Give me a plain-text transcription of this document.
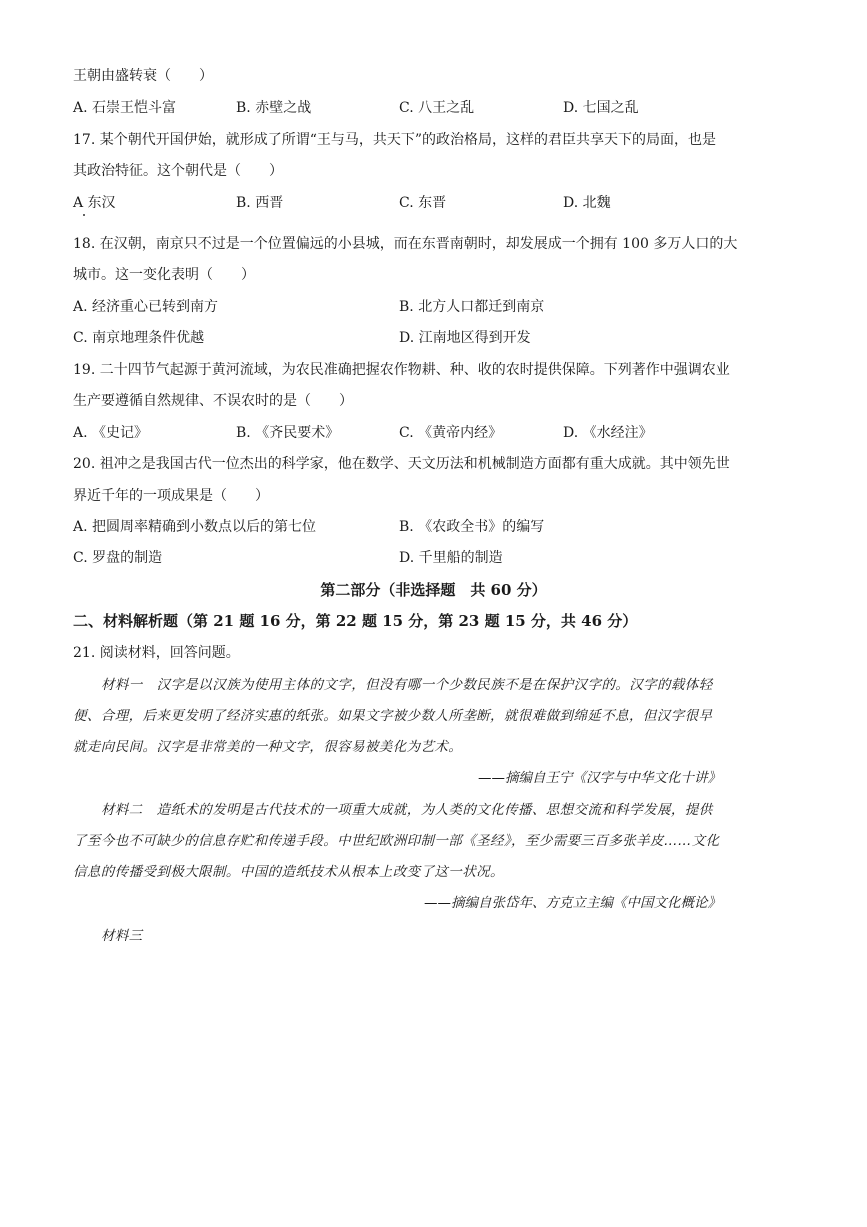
王朝由盛转衰（　　）
A. 石崇王恺斗富	B. 赤壁之战	C. 八王之乱	D. 七国之乱
17. 某个朝代开国伊始，就形成了所谓“王与马，共天下”的政治格局，这样的君臣共享天下的局面，也是
其政治特征。这个朝代是（　　）
A 东汉	B. 西晋	C. 东晋	D. 北魏
18. 在汉朝，南京只不过是一个位置偏远的小县城，而在东晋南朝时，却发展成一个拥有 100 多万人口的大
城市。这一变化表明（　　）
A. 经济重心已转到南方	B. 北方人口都迁到南京
C. 南京地理条件优越	D. 江南地区得到开发
19. 二十四节气起源于黄河流域，为农民准确把握农作物耕、种、收的农时提供保障。下列著作中强调农业
生产要遵循自然规律、不误农时的是（　　）
A. 《史记》	B. 《齐民要术》	C. 《黄帝内经》	D. 《水经注》
20. 祖冲之是我国古代一位杰出的科学家，他在数学、天文历法和机械制造方面都有重大成就。其中领先世
界近千年的一项成果是（　　）
A. 把圆周率精确到小数点以后的第七位	B. 《农政全书》的编写
C. 罗盘的制造	D. 千里船的制造
第二部分（非选择题　共 60 分）
二、材料解析题（第 21 题 16 分，第 22 题 15 分，第 23 题 15 分，共 46 分）
21. 阅读材料，回答问题。
材料一　汉字是以汉族为使用主体的文字，但没有哪一个少数民族不是在保护汉字的。汉字的载体轻
便、合理，后来更发明了经济实惠的纸张。如果文字被少数人所垄断，就很难做到绵延不息，但汉字很早
就走向民间。汉字是非常美的一种文字，很容易被美化为艺术。
——摘编自王宁《汉字与中华文化十讲》
材料二　造纸术的发明是古代技术的一项重大成就，为人类的文化传播、思想交流和科学发展，提供
了至今也不可缺少的信息存贮和传递手段。中世纪欧洲印制一部《圣经》，至少需要三百多张羊皮……文化
信息的传播受到极大限制。中国的造纸技术从根本上改变了这一状况。
——摘编自张岱年、方克立主编《中国文化概论》
材料三
